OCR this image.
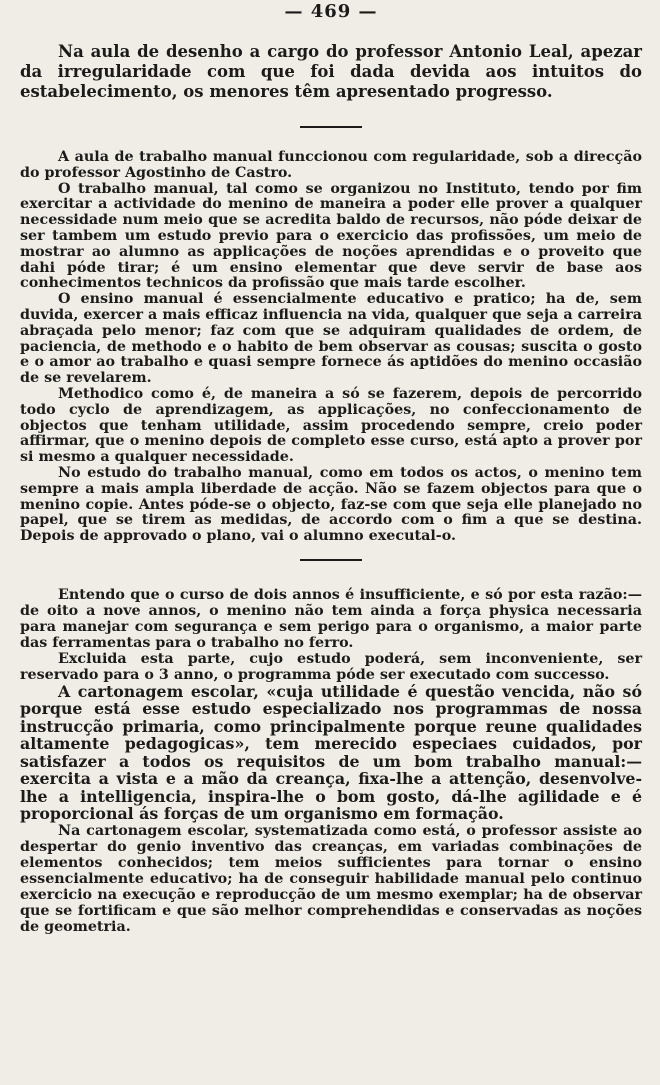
— 469 —

Na aula de desenho a cargo do professor Antonio Leal, apezar da irregularidade com que foi dada devida aos intuitos do estabelecimento, os menores têm apresentado progresso.

A aula de trabalho manual funccionou com regularidade, sob a direcção do professor Agostinho de Castro.

O trabalho manual, tal como se organizou no Instituto, tendo por fim exercitar a actividade do menino de maneira a poder elle prover a qualquer necessidade num meio que se acredita baldo de recursos, não póde deixar de ser tambem um estudo previo para o exercicio das profissões, um meio de mostrar ao alumno as applicações de noções aprendidas e o proveito que dahi póde tirar; é um ensino elementar que deve servir de base aos conhecimentos technicos da profissão que mais tarde escolher.

O ensino manual é essencialmente educativo e pratico; ha de, sem duvida, exercer a mais efficaz influencia na vida, qualquer que seja a carreira abraçada pelo menor; faz com que se adquiram qualidades de ordem, de paciencia, de methodo e o habito de bem observar as cousas; suscita o gosto e o amor ao trabalho e quasi sempre fornece ás aptidões do menino occasião de se revelarem.

Methodico como é, de maneira a só se fazerem, depois de percorrido todo cyclo de aprendizagem, as applicações, no confeccionamento de objectos que tenham utilidade, assim procedendo sempre, creio poder affirmar, que o menino depois de completo esse curso, está apto a prover por si mesmo a qualquer necessidade.

No estudo do trabalho manual, como em todos os actos, o menino tem sempre a mais ampla liberdade de acção. Não se fazem objectos para que o menino copie. Antes póde-se o objecto, faz-se com que seja elle planejado no papel, que se tirem as medidas, de accordo com o fim a que se destina. Depois de approvado o plano, vai o alumno executal-o.

Entendo que o curso de dois annos é insufficiente, e só por esta razão:—de oito a nove annos, o menino não tem ainda a força physica necessaria para manejar com segurança e sem perigo para o organismo, a maior parte das ferramentas para o trabalho no ferro.

Excluida esta parte, cujo estudo poderá, sem inconveniente, ser reservado para o 3 anno, o programma póde ser executado com successo.

A cartonagem escolar, «cuja utilidade é questão vencida, não só porque está esse estudo especializado nos programmas de nossa instrucção primaria, como principalmente porque reune qualidades altamente pedagogicas», tem merecido especiaes cuidados, por satisfazer a todos os requisitos de um bom trabalho manual:—exercita a vista e a mão da creança, fixa-lhe a attenção, desenvolve-lhe a intelligencia, inspira-lhe o bom gosto, dá-lhe agilidade e é proporcional ás forças de um organismo em formação.

Na cartonagem escolar, systematizada como está, o professor assiste ao despertar do genio inventivo das creanças, em variadas combinações de elementos conhecidos; tem meios sufficientes para tornar o ensino essencialmente educativo; ha de conseguir habilidade manual pelo continuo exercicio na execução e reproducção de um mesmo exemplar; ha de observar que se fortificam e que são melhor comprehendidas e conservadas as noções de geometria.
